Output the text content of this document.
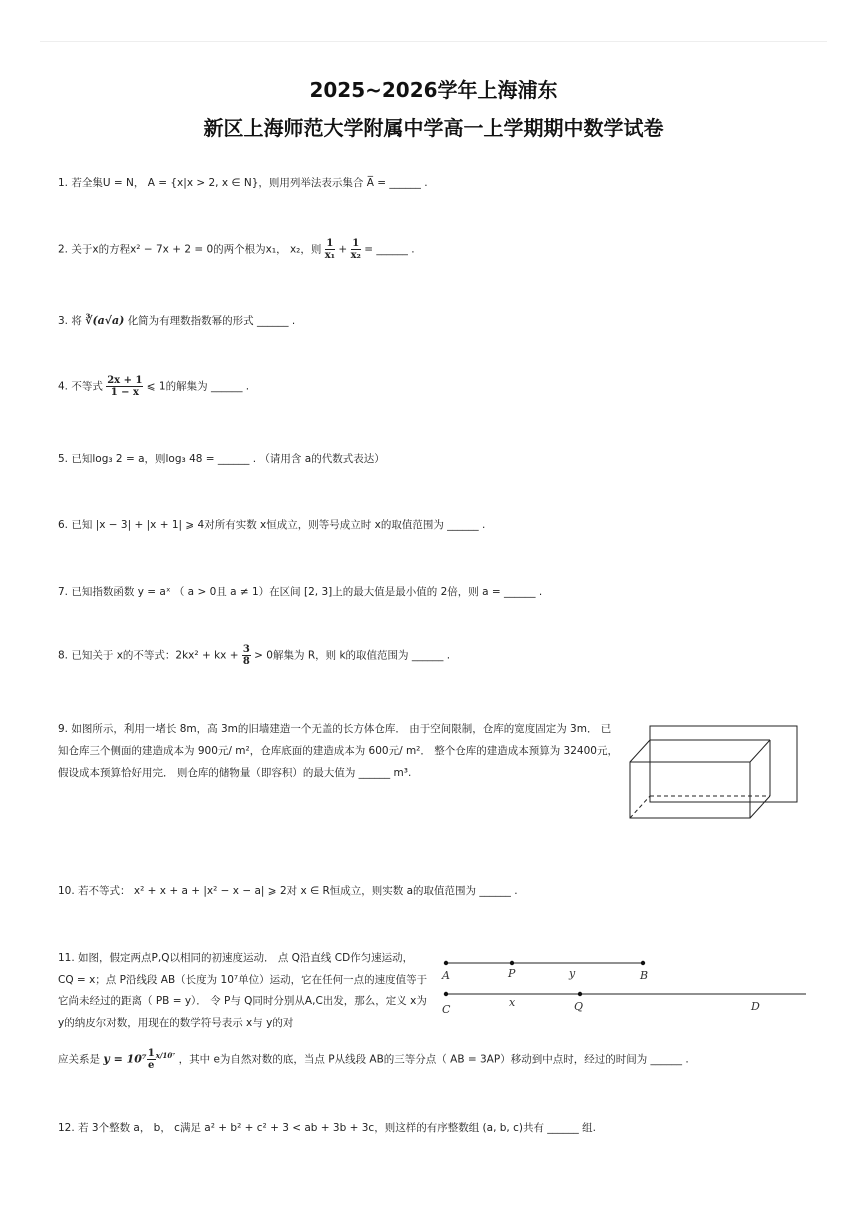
2025~2026学年上海浦东
新区上海师范大学附属中学高一上学期期中数学试卷
1. 若全集U = N， A = {x|x > 2, x ∈ N}，则用列举法表示集合 A̅ = ______ .
2. 关于x的方程x² − 7x + 2 = 0的两个根为x₁， x₂，则 $\frac{1}{\text{x₁}} + \frac{1}{\text{x₂}}$ = ______ .
3. 将 ∛(a√a) 化简为有理数指数幂的形式 ______ .
4. 不等式 $\frac{2x + 1}{1 - x}$ ⩽ 1的解集为 ______ .
5. 已知log₃ 2 = a，则log₃ 48 = ______ . （请用含 a的代数式表达）
6. 已知 |x − 3| + |x + 1| ⩾ 4对所有实数 x恒成立，则等号成立时 x的取值范围为 ______ .
7. 已知指数函数 y = aˣ （ a > 0且 a ≠ 1）在区间 [2, 3]上的最大值是最小值的 2倍，则 a = ______ .
8. 已知关于 x的不等式：2kx² + kx + $\frac{3}{8} > 0$解集为 R，则 k的取值范围为 ______ .
9. 如图所示，利用一堵长 8m，高 3m的旧墙建造一个无盖的长方体仓库． 由于空间限制，仓库的宽度固定为 3m． 已知仓库三个侧面的建造成本为 900元/ m²，仓库底面的建造成本为 600元/ m²． 整个仓库的建造成本预算为 32400元，假设成本预算恰好用完． 则仓库的储物量（即容积）的最大值为 ______ m³.
10. 若不等式： x² + x + a + |x² − x − a| ⩾ 2对 x ∈ R恒成立，则实数 a的取值范围为 ______ .
11. 如图，假定两点P,Q以相同的初速度运动． 点 Q沿直线 CD作匀速运动， CQ = x；点 P沿线段 AB（长度为 10⁷单位）运动，它在任何一点的速度值等于它尚未经过的距离（ PB = y）． 令 P与 Q同时分别从A,C出发，那么，定义 x为 y的纳皮尔对数，用现在的数学符号表示 x与 y的对
应关系是 $y = 10^7 \frac{1}{e} ^{x/10^7}$ ，其中 e为自然对数的底，当点 P从线段 AB的三等分点（ AB = 3AP）移动到中点时，经过的时间为 ______ .
A	P	y	B
C
x	Q	D
12. 若 3个整数 a， b， c满足 a² + b² + c² + 3 < ab + 3b + 3c，则这样的有序整数组 (a, b, c)共有 ______ 组.
